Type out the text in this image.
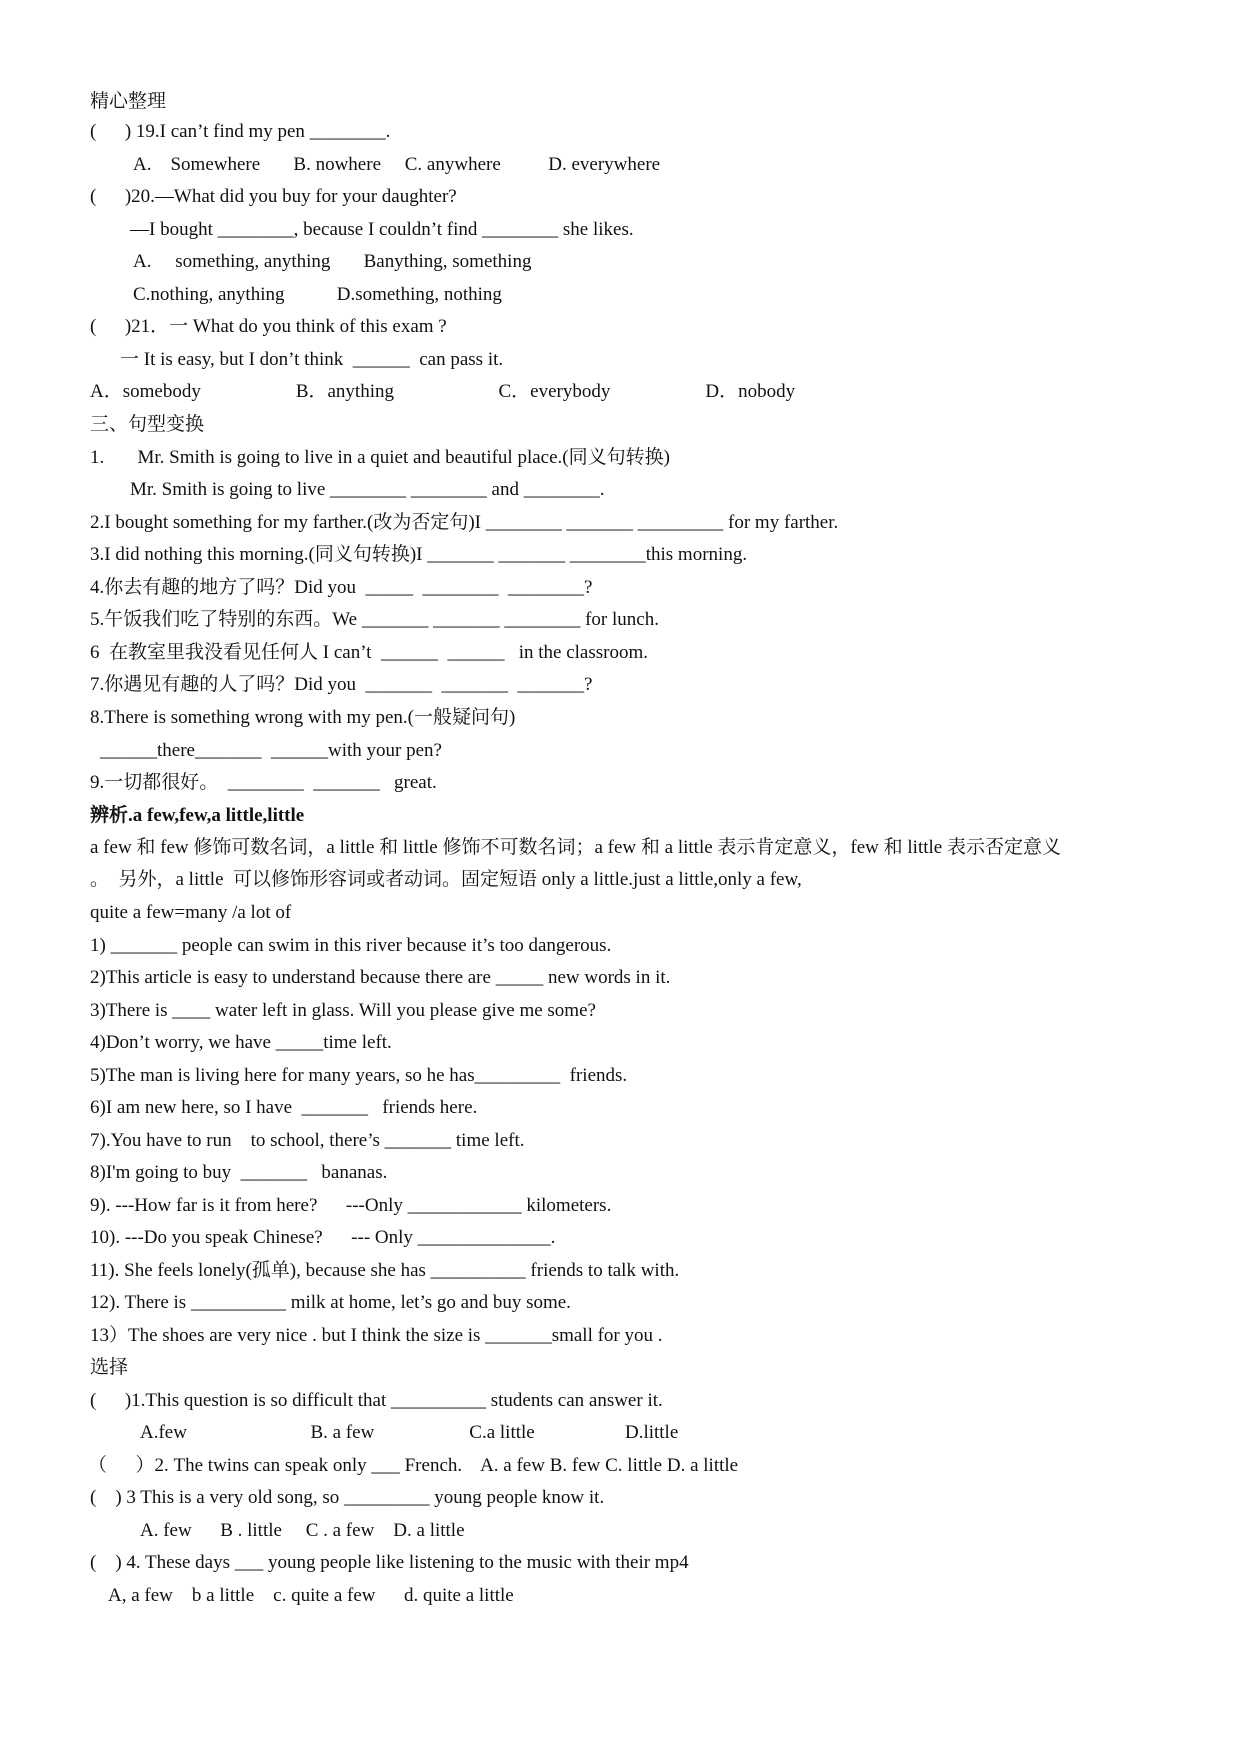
精心整理
(      ) 19.I can’t find my pen ________.
A.    Somewhere       B. nowhere     C. anywhere          D. everywhere
(      )20.—What did you buy for your daughter?
—I bought ________, because I couldn’t find ________ she likes.
A.     something, anything       Banything, something
C.nothing, anything           D.something, nothing
(      )21．一 What do you think of this exam ?
一 It is easy, but I don’t think  ______  can pass it.
A．somebody                    B．anything                      C．everybody                    D．nobody
三、句型变换
1.       Mr. Smith is going to live in a quiet and beautiful place.(同义句转换)
Mr. Smith is going to live ________ ________ and ________.
2.I bought something for my farther.(改为否定句)I ________ _______ _________ for my farther.
3.I did nothing this morning.(同义句转换)I _______ _______ ________this morning.
4.你去有趣的地方了吗？Did you  _____  ________  ________?
5.午饭我们吃了特别的东西。We _______ _______ ________ for lunch.
6  在教室里我没看见任何人 I can’t  ______  ______   in the classroom.
7.你遇见有趣的人了吗？Did you  _______  _______  _______?
8.There is something wrong with my pen.(一般疑问句)
______there_______  ______with your pen?
9.一切都很好。  ________  _______   great.
辨析.a few,few,a little,little
a few 和 few 修饰可数名词，a little 和 little 修饰不可数名词；a few 和 a little 表示肯定意义，few 和 little 表示否定意义
。  另外，a little  可以修饰形容词或者动词。固定短语 only a little.just a little,only a few,
quite a few=many /a lot of
1) _______ people can swim in this river because it’s too dangerous.
2)This article is easy to understand because there are _____ new words in it.
3)There is ____ water left in glass. Will you please give me some?
4)Don’t worry, we have _____time left.
5)The man is living here for many years, so he has_________  friends.
6)I am new here, so I have  _______   friends here.
7).You have to run    to school, there’s _______ time left.
8)I'm going to buy  _______   bananas.
9). ---How far is it from here?      ---Only ____________ kilometers.
10). ---Do you speak Chinese?      --- Only ______________.
11). She feels lonely(孤单), because she has __________ friends to talk with.
12). There is __________ milk at home, let’s go and buy some.
13）The shoes are very nice . but I think the size is _______small for you .
选择
(      )1.This question is so difficult that __________ students can answer it.
A.few                          B. a few                    C.a little                   D.little
（      ）2. The twins can speak only ___ French.    A. a few B. few C. little D. a little
(    ) 3 This is a very old song, so _________ young people know it.
A. few      B . little     C . a few    D. a little
(    ) 4. These days ___ young people like listening to the music with their mp4
A, a few    b a little    c. quite a few      d. quite a little
